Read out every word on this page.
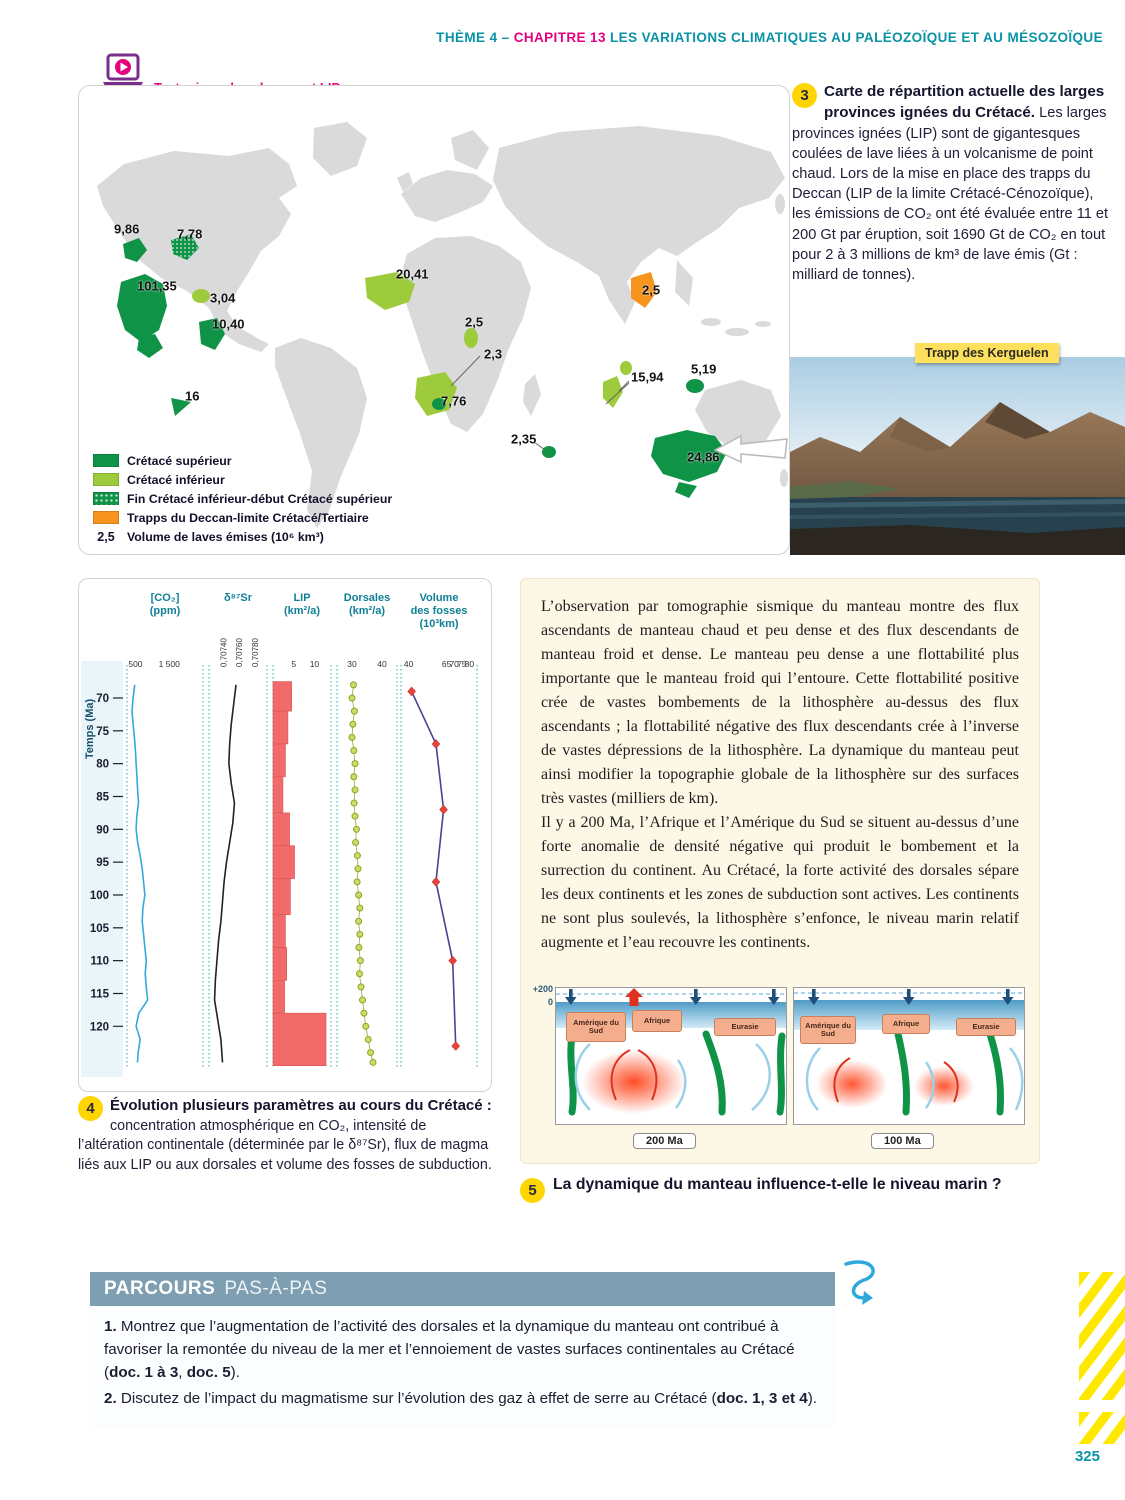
THÈME 4 – CHAPITRE 13 LES VARIATIONS CLIMATIQUES AU PALÉOZOÏQUE ET AU MÉSOZOÏQUE
9,86	7,78
101,35
3,04
10,40
16
20,41
2,5
2,3
7,76
15,94
5,19
2,35
24,86
2,5
Crétacé supérieur
Crétacé inférieur
Fin Crétacé inférieur-début Crétacé supérieur
Trapps du Deccan-limite Crétacé/Tertiaire
2,5	Volume de laves émises (10⁶ km³)
3	Carte de répartition actuelle des larges provinces ignées du Crétacé. Les larges provinces ignées (LIP) sont de gigantesques coulées de lave liées à un volcanisme de point chaud. Lors de la mise en place des trapps du Deccan (LIP de la limite Crétacé-Cénozoïque), les émissions de CO₂ ont été évaluée entre 11 et 200 Gt par éruption, soit 1690 Gt de CO₂ en tout pour 2 à 3 millions de km³ de lave émis (Gt : milliard de tonnes).
Trapp des Kerguelen
Temps (Ma) 70
75
80
85
90
95
100
105
110
115
120
[CO₂]
(ppm)
500 1 500
δ⁸⁷Sr
0,70740 0,70760 0,70780
LIP
(km²/a)
5 10
Dorsales
(km²/a)
30 40
Volume
des fosses
(10³km)
40	65
70
75
80
4	Évolution plusieurs paramètres au cours du Crétacé : concentration atmosphérique en CO₂, intensité de l’altération continentale (déterminée par le δ⁸⁷Sr), flux de magma liés aux LIP ou aux dorsales et volume des fosses de subduction.

L’observation par tomographie sismique du manteau montre des flux ascendants de manteau chaud et peu dense et des flux descendants de manteau froid et dense. Le manteau peu dense a une flottabilité plus importante que le manteau froid qui l’entoure. Cette flottabilité positive crée de vastes bombements de la lithosphère au-dessus des flux ascendants ; la flottabilité négative des flux descendants crée à l’inverse de vastes dépressions de la lithosphère. La dynamique du manteau peut ainsi modifier la topographie globale de la lithosphère sur des surfaces très vastes (milliers de km).

Il y a 200 Ma, l’Afrique et l’Amérique du Sud se situent au-dessus d’une forte anomalie de densité négative qui produit le bombement et la surrection du continent. Au Crétacé, la forte activité des dorsales sépare les deux continents et les zones de subduction sont actives. Les continents ne sont plus soulevés, la lithosphère s’enfonce, le niveau marin relatif augmente et l’eau recouvre les continents.

+200
0
Amérique du Sud
Afrique
Eurasie	Amérique du Sud
Afrique	Eurasie
200 Ma	100 Ma
5 La dynamique du manteau influence-t-elle le niveau marin ?
PARCOURS PAS-À-PAS

1. Montrez que l’augmentation de l’activité des dorsales et la dynamique du manteau ont contribué à favoriser la remontée du niveau de la mer et l’ennoiement de vastes surfaces continentales au Crétacé (doc. 1 à 3, doc. 5).

2. Discutez de l’impact du magmatisme sur l’évolution des gaz à effet de serre au Crétacé (doc. 1, 3 et 4).

325
